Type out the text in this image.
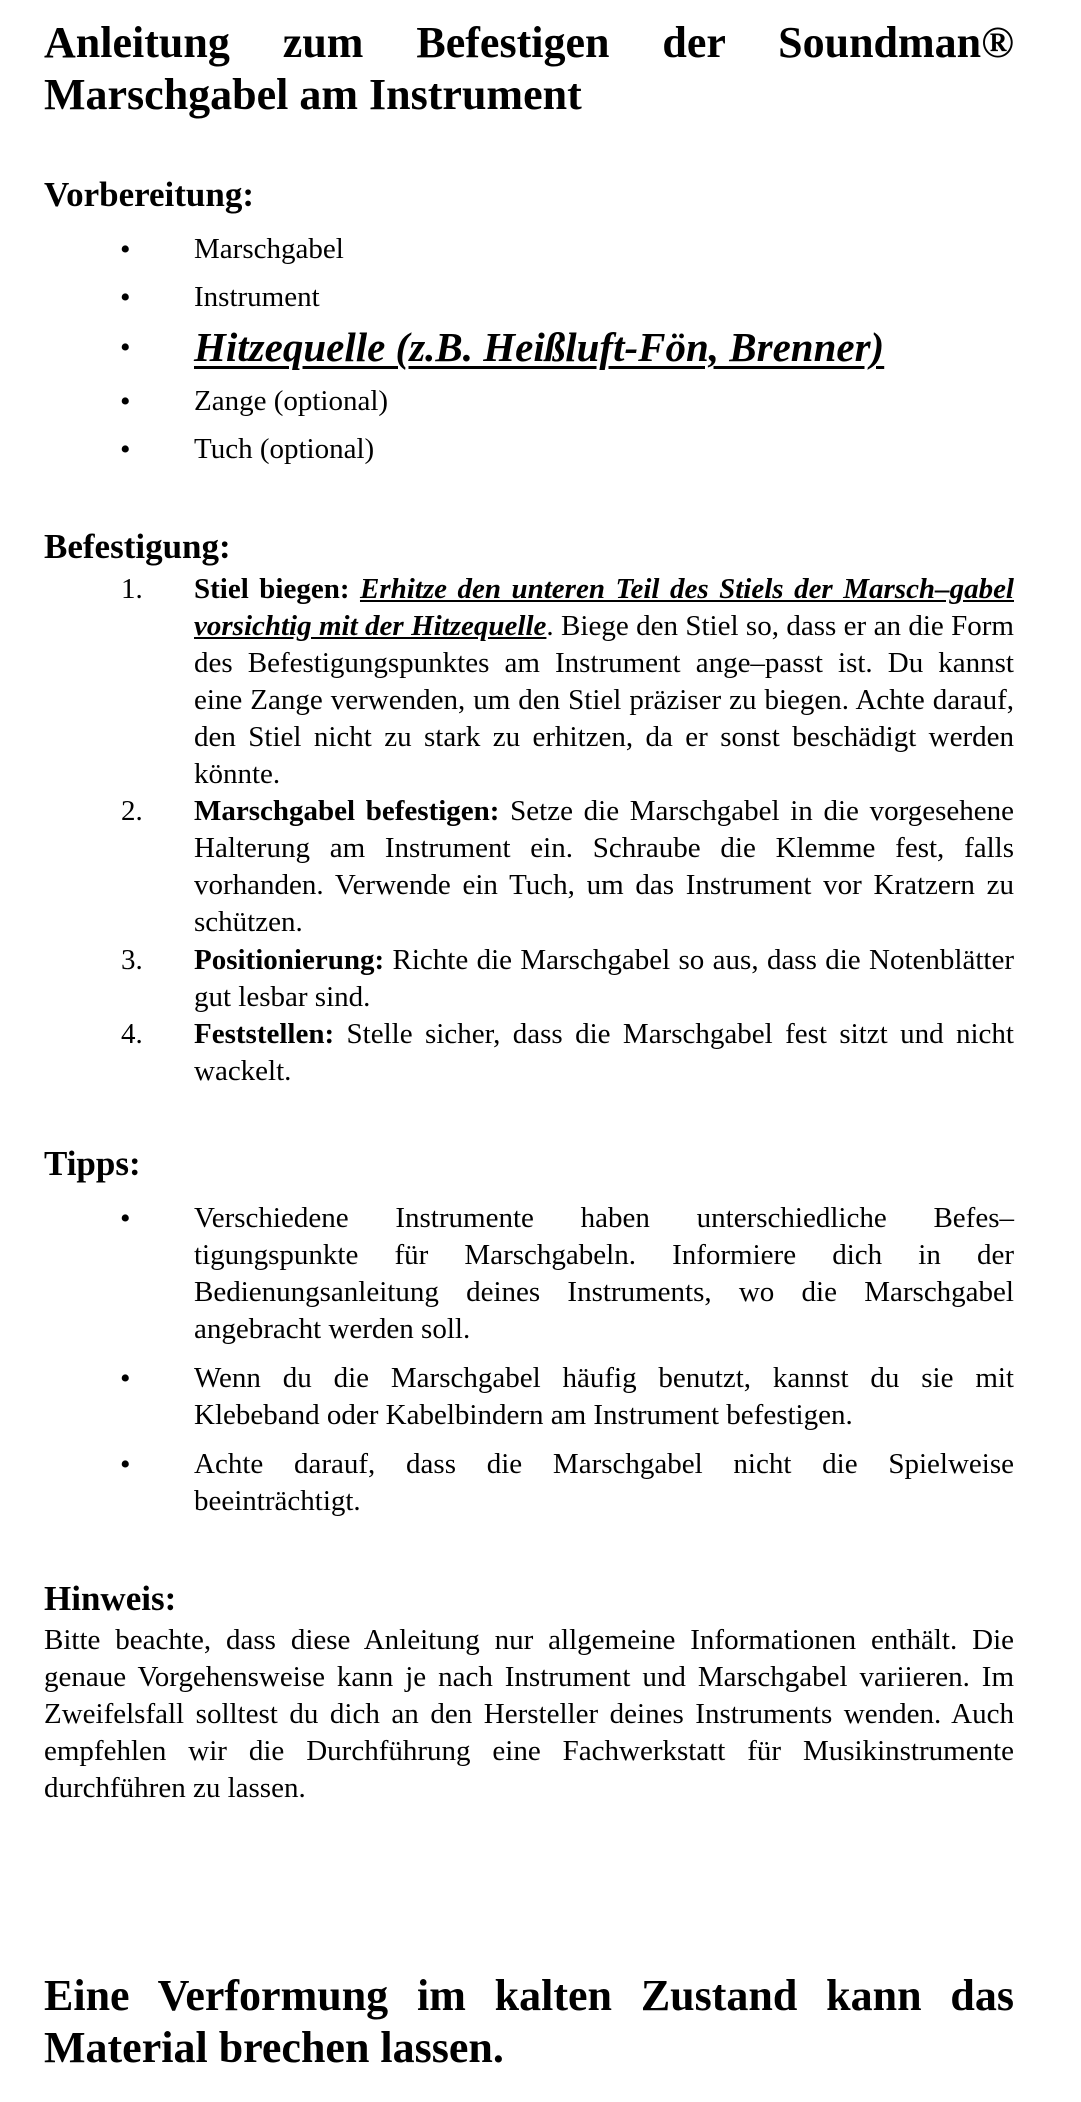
Anleitung zum Befestigen der Soundman® Marschgabel am Instrument
Vorbereitung:
• Marschgabel
• Instrument
• Hitzequelle (z.B. Heißluft-Fön, Brenner)
• Zange (optional)
• Tuch (optional)
Befestigung:
1. Stiel biegen: Erhitze den unteren Teil des Stiels der Marsch–gabel vorsichtig mit der Hitzequelle. Biege den Stiel so, dass er an die Form des Befestigungspunktes am Instrument ange–passt ist. Du kannst eine Zange verwenden, um den Stiel präziser zu biegen. Achte darauf, den Stiel nicht zu stark zu erhitzen, da er sonst beschädigt werden könnte.

2. Marschgabel befestigen: Setze die Marschgabel in die vorgesehene Halterung am Instrument ein. Schraube die Klemme fest, falls vorhanden. Verwende ein Tuch, um das Instrument vor Kratzern zu schützen.

3. Positionierung: Richte die Marschgabel so aus, dass die Notenblätter gut lesbar sind.

4. Feststellen: Stelle sicher, dass die Marschgabel fest sitzt und nicht wackelt.

Tipps:
• Verschiedene Instrumente haben unterschiedliche Befes–tigungspunkte für Marschgabeln. Informiere dich in der Bedienungsanleitung deines Instruments, wo die Marschgabel angebracht werden soll.
• Wenn du die Marschgabel häufig benutzt, kannst du sie mit Klebeband oder Kabelbindern am Instrument befestigen.
• Achte darauf, dass die Marschgabel nicht die Spielweise beeinträchtigt.
Hinweis:

Bitte beachte, dass diese Anleitung nur allgemeine Informationen enthält. Die genaue Vorgehensweise kann je nach Instrument und Marschgabel variieren. Im Zweifelsfall solltest du dich an den Hersteller deines Instruments wenden. Auch empfehlen wir die Durchführung eine Fachwerkstatt für Musikinstrumente durchführen zu lassen.

Eine Verformung im kalten Zustand kann das Material brechen lassen.
